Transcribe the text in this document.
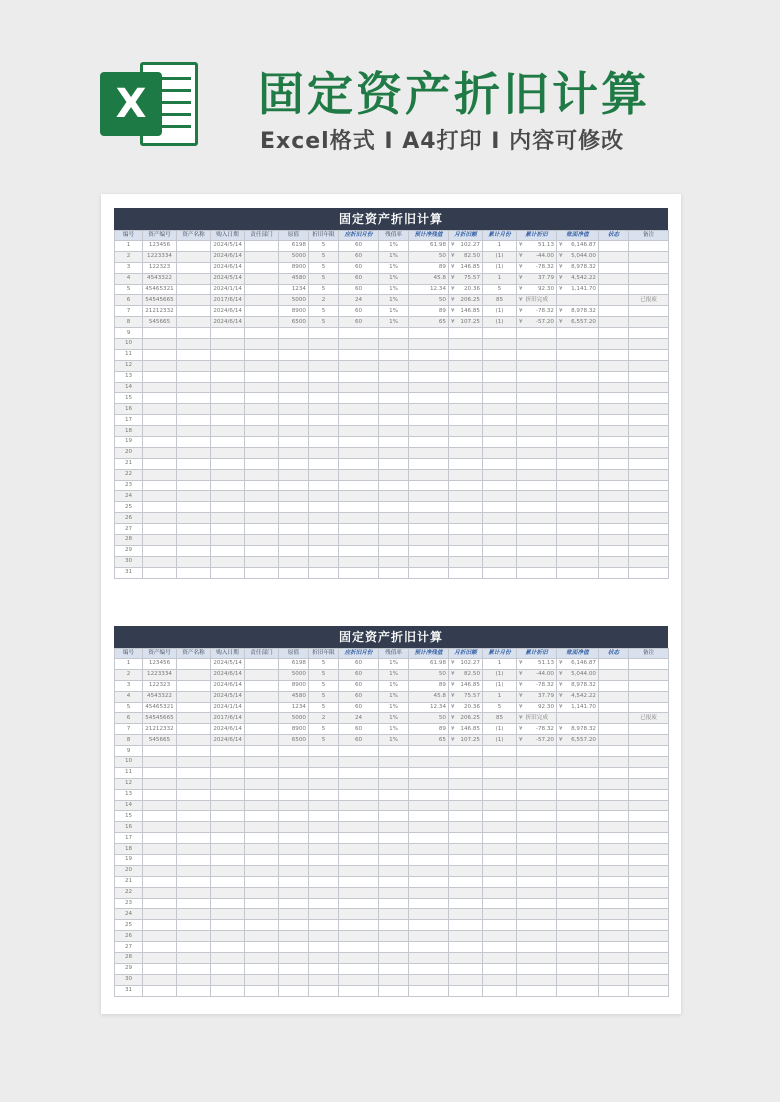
X	固定资产折旧计算
Excel格式 I A4打印 I 内容可修改
固定资产折旧计算
编号	资产编号	资产名称	购入日期	责任部门	原值	折旧年限	应折旧月份	残值率	预计净残值	月折旧额	累计月份	累计折旧	账面净值	状态	备注
1	123456		2024/5/14		6198	5	60	1%	61.98	¥ 102.27	1	¥ 51.13	¥ 6,146.87		
2	1223334		2024/6/14		5000	5	60	1%	50	¥ 82.50	(1)	¥ -44.00	¥ 5,044.00		
3	122323		2024/6/14		8900	5	60	1%	89	¥ 146.85	(1)	¥ -78.32	¥ 8,978.32		
4	4543322		2024/5/14		4580	5	60	1%	45.8	¥ 75.57	1	¥ 37.79	¥ 4,542.22		
5	45465321		2024/1/14		1234	5	60	1%	12.34	¥ 20.36	5	¥ 92.30	¥ 1,141.70		
6	54545665		2017/6/14		5000	2	24	1%	50	¥ 206.25	85	¥ 折旧完成			已报废
7	21212332		2024/6/14		8900	5	60	1%	89	¥ 146.85	(1)	¥ -78.32	¥ 8,978.32		
8	545665		2024/6/14		6500	5	60	1%	65	¥ 107.25	(1)	¥ -57.20	¥ 6,557.20		
9															
10															
11															
12															
13															
14															
15															
16															
17															
18															
19															
20															
21															
22															
23															
24															
25															
26															
27															
28															
29															
30															
31															
固定资产折旧计算
编号	资产编号	资产名称	购入日期	责任部门	原值	折旧年限	应折旧月份	残值率	预计净残值	月折旧额	累计月份	累计折旧	账面净值	状态	备注
1	123456		2024/5/14		6198	5	60	1%	61.98	¥ 102.27	1	¥ 51.13	¥ 6,146.87		
2	1223334		2024/6/14		5000	5	60	1%	50	¥ 82.50	(1)	¥ -44.00	¥ 5,044.00		
3	122323		2024/6/14		8900	5	60	1%	89	¥ 146.85	(1)	¥ -78.32	¥ 8,978.32		
4	4543322		2024/5/14		4580	5	60	1%	45.8	¥ 75.57	1	¥ 37.79	¥ 4,542.22		
5	45465321		2024/1/14		1234	5	60	1%	12.34	¥ 20.36	5	¥ 92.30	¥ 1,141.70		
6	54545665		2017/6/14		5000	2	24	1%	50	¥ 206.25	85	¥ 折旧完成			已报废
7	21212332		2024/6/14		8900	5	60	1%	89	¥ 146.85	(1)	¥ -78.32	¥ 8,978.32		
8	545665		2024/6/14		6500	5	60	1%	65	¥ 107.25	(1)	¥ -57.20	¥ 6,557.20		
9															
10															
11															
12															
13															
14															
15															
16															
17															
18															
19															
20															
21															
22															
23															
24															
25															
26															
27															
28															
29															
30															
31															
